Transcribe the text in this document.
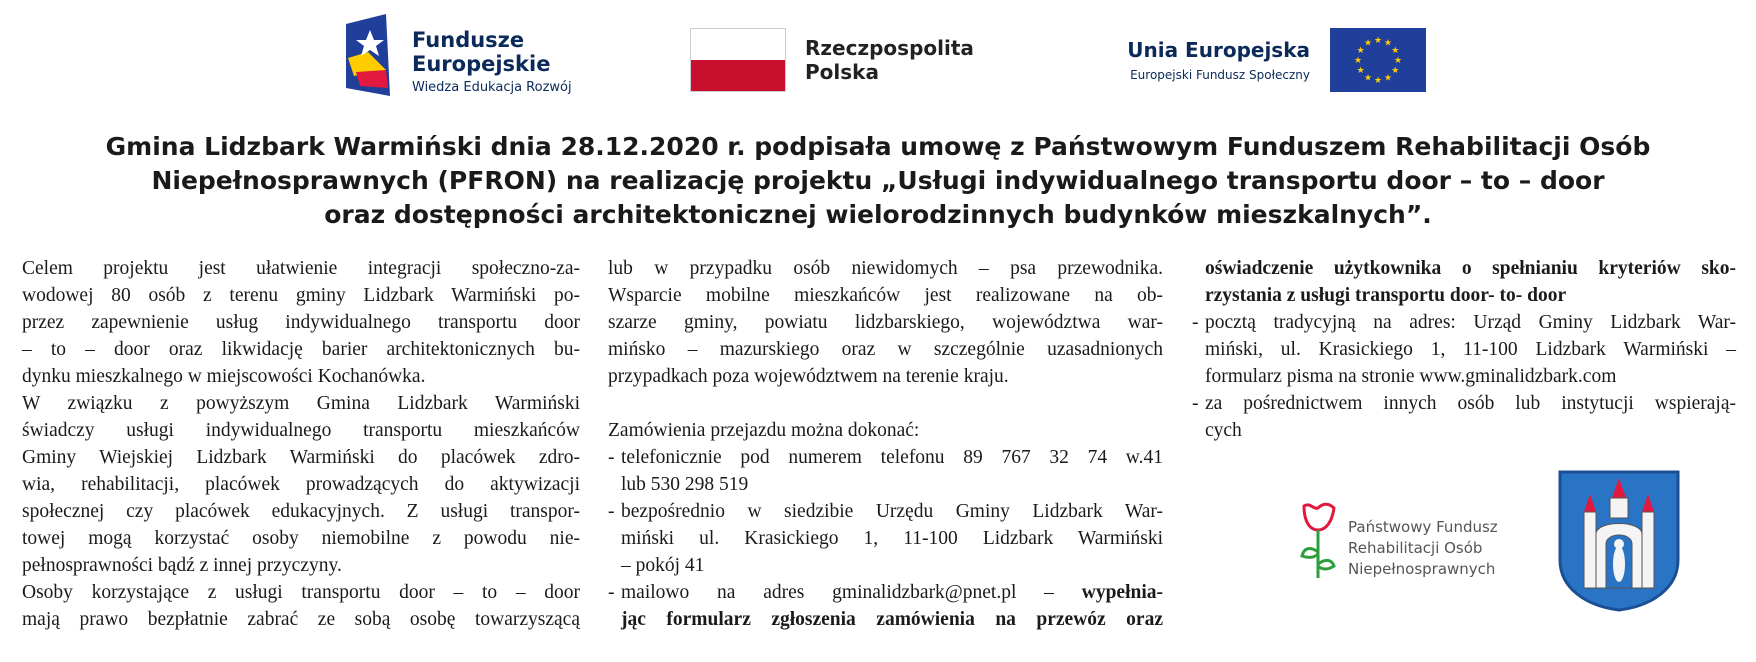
Fundusze
Europejskie
Wiedza Edukacja Rozwój
Rzeczpospolita
Polska
Unia Europejska
Europejski Fundusz Społeczny
★
★
★
★
★
★
★
★
★ ★ ★
★
Gmina Lidzbark Warmiński dnia 28.12.2020 r. podpisała umowę z Państwowym Funduszem Rehabilitacji Osób
Niepełnosprawnych (PFRON) na realizację projektu „Usługi indywidualnego transportu door – to – door
oraz dostępności architektonicznej wielorodzinnych budynków mieszkalnych”.
Celem projektu jest ułatwienie integracji społeczno-za-
wodowej 80 osób z terenu gminy Lidzbark Warmiński po-
przez zapewnienie usług indywidualnego transportu door
– to – door oraz likwidację barier architektonicznych bu-
dynku mieszkalnego w miejscowości Kochanówka.
W związku z powyższym Gmina Lidzbark Warmiński
świadczy usługi indywidualnego transportu mieszkańców
Gminy Wiejskiej Lidzbark Warmiński do placówek zdro-
wia, rehabilitacji, placówek prowadzących do aktywizacji
społecznej czy placówek edukacyjnych. Z usługi transpor-
towej mogą korzystać osoby niemobilne z powodu nie-
pełnosprawności bądź z innej przyczyny.
Osoby korzystające z usługi transportu door – to – door
mają prawo bezpłatnie zabrać ze sobą osobę towarzyszącą
lub w przypadku osób niewidomych – psa przewodnika.
Wsparcie mobilne mieszkańców jest realizowane na ob-
szarze gminy, powiatu lidzbarskiego, województwa war-
mińsko – mazurskiego oraz w szczególnie uzasadnionych
przypadkach poza województwem na terenie kraju.
Zamówienia przejazdu można dokonać:
- telefonicznie pod numerem telefonu 89 767 32 74 w.41
lub 530 298 519
- bezpośrednio w siedzibie Urzędu Gminy Lidzbark War-
miński ul. Krasickiego 1, 11-100 Lidzbark Warmiński
– pokój 41
- mailowo na adres gminalidzbark@pnet.pl – wypełnia-
jąc formularz zgłoszenia zamówienia na przewóz oraz
oświadczenie użytkownika o spełnianiu kryteriów sko-
rzystania z usługi transportu door- to- door
- pocztą tradycyjną na adres: Urząd Gminy Lidzbark War-
miński, ul. Krasickiego 1, 11-100 Lidzbark Warmiński –
formularz pisma na stronie www.gminalidzbark.com
- za pośrednictwem innych osób lub instytucji wspierają-
cych
Państwowy Fundusz
Rehabilitacji Osób
Niepełnosprawnych
